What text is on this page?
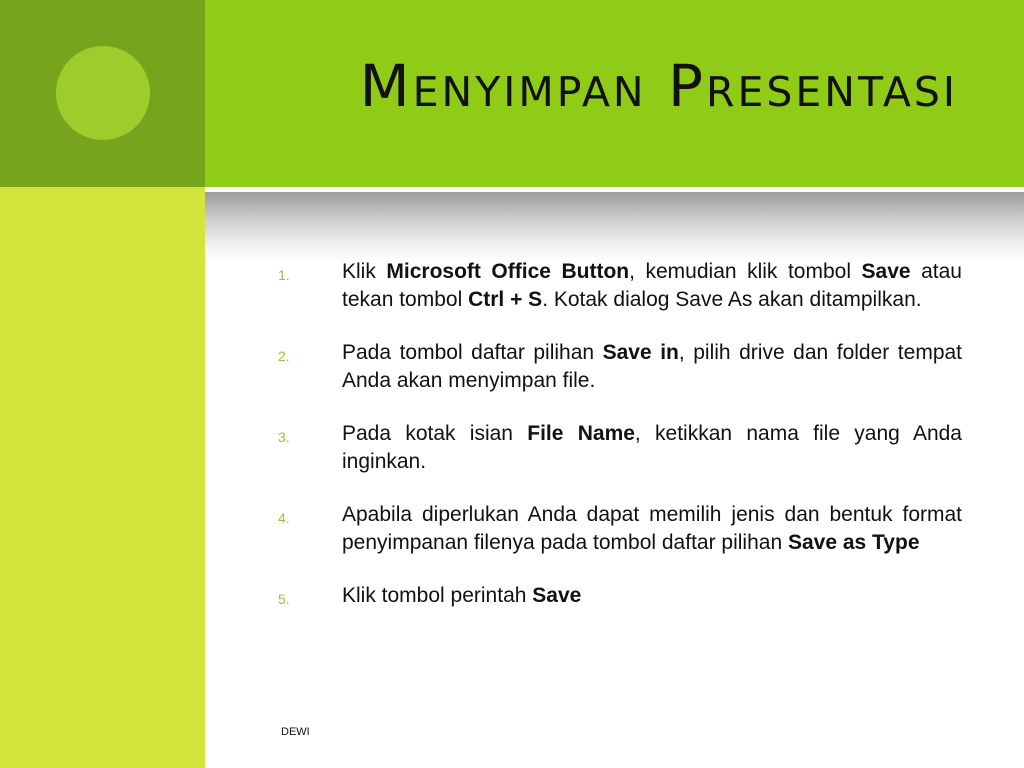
Menyimpan Presentasi
1. Klik Microsoft Office Button, kemudian klik tombol Save atau tekan tombol Ctrl + S. Kotak dialog Save As akan ditampilkan.
2. Pada tombol daftar pilihan Save in, pilih drive dan folder tempat Anda akan menyimpan file.
3. Pada kotak isian File Name, ketikkan nama file yang Anda inginkan.
4. Apabila diperlukan Anda dapat memilih jenis dan bentuk format penyimpanan filenya pada tombol daftar pilihan Save as Type
5. Klik tombol perintah Save
DEWI
